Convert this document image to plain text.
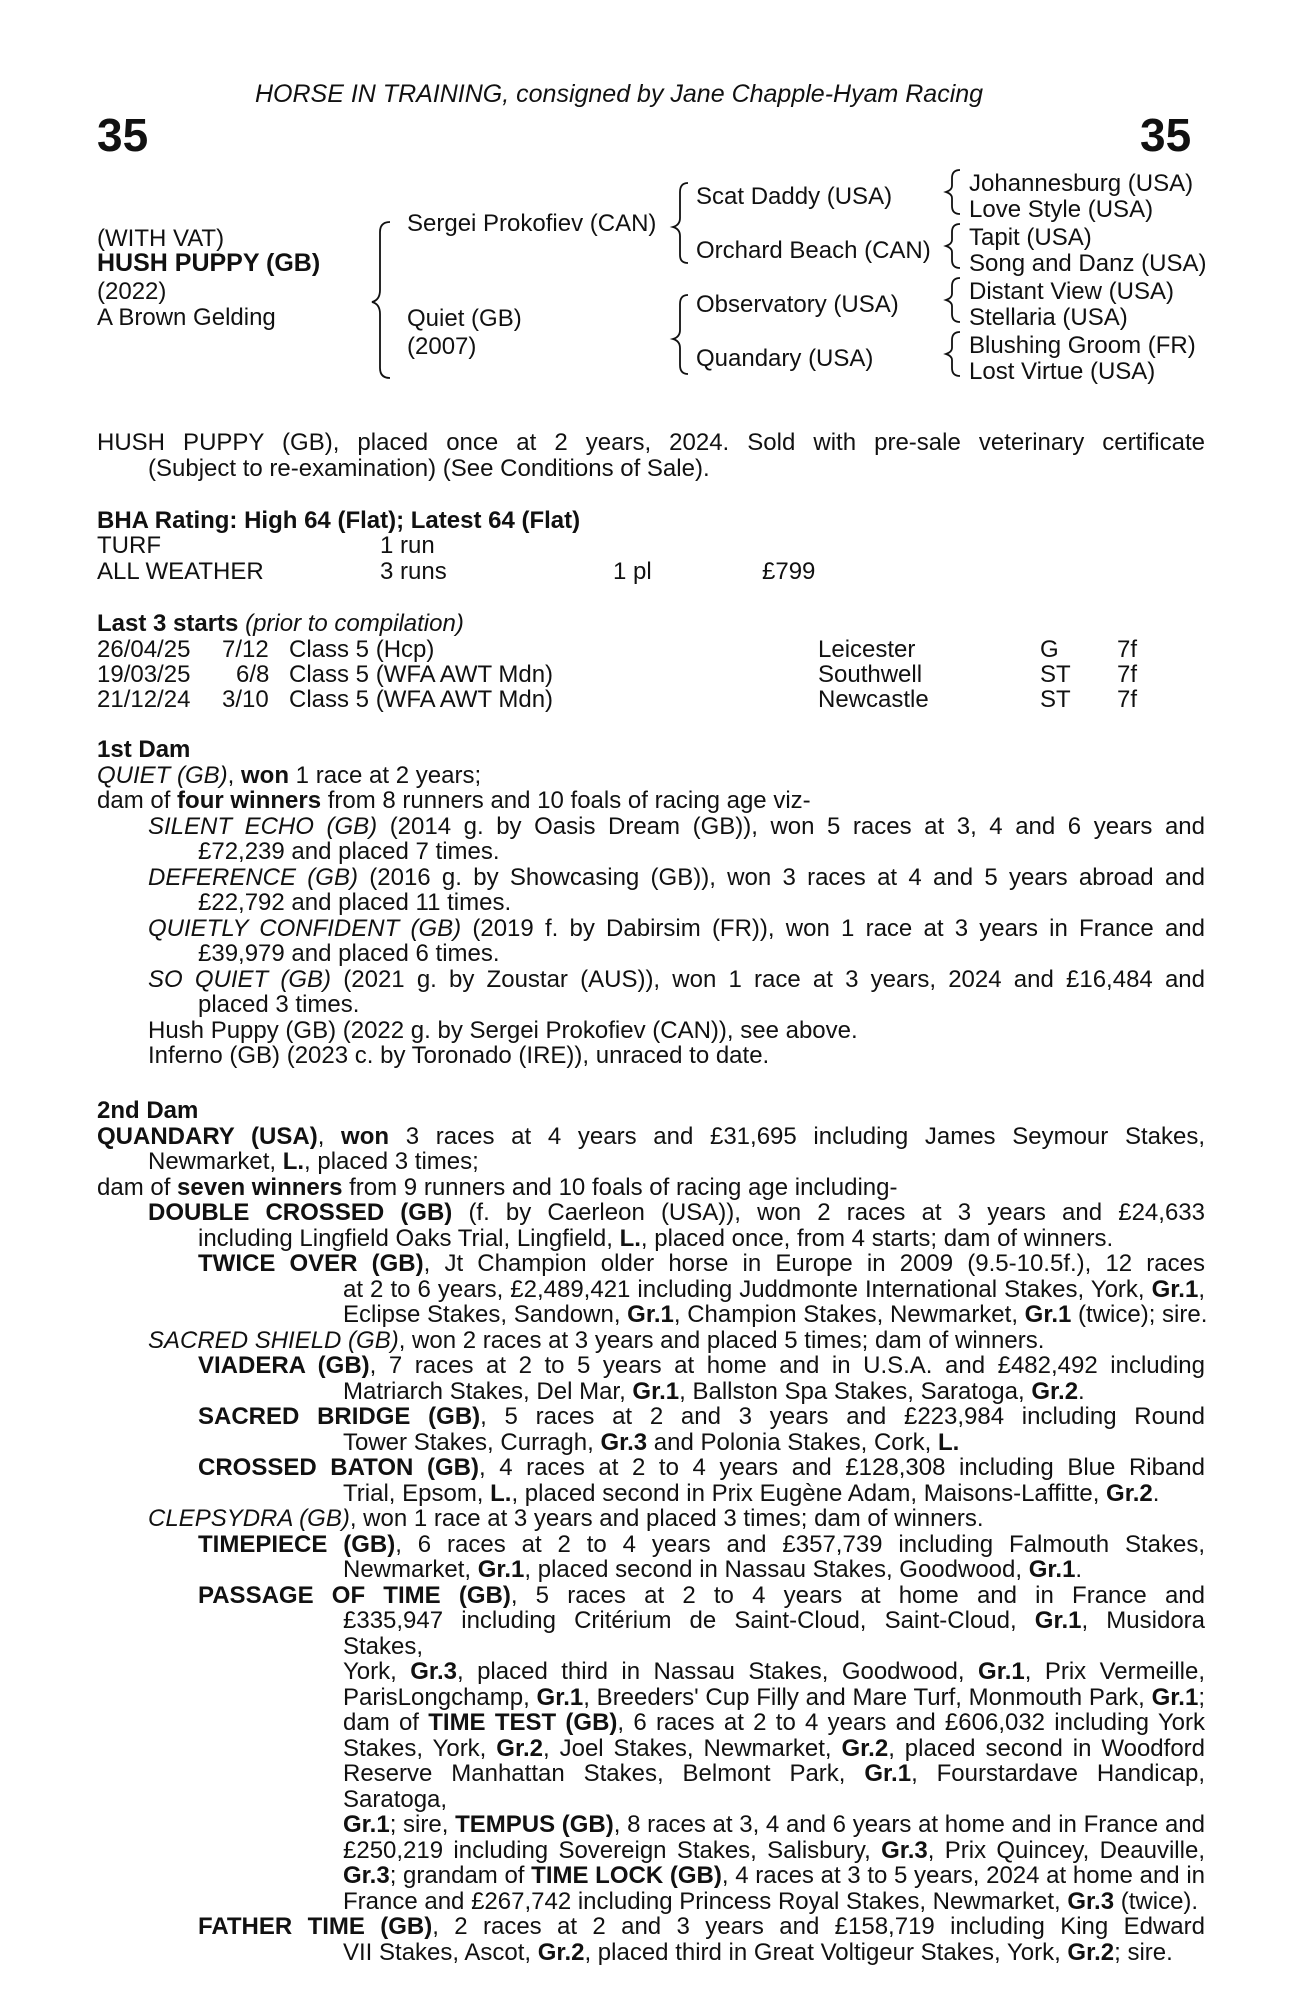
35	35
HORSE IN TRAINING, consigned by Jane Chapple-Hyam Racing
(WITH VAT)
HUSH PUPPY (GB)
(2022)
A Brown Gelding
Sergei Prokofiev (CAN)
Quiet (GB)
(2007)
Scat Daddy (USA)
Orchard Beach (CAN)
Observatory (USA)
Quandary (USA)
Johannesburg (USA)
Love Style (USA)
Tapit (USA)
Song and Danz (USA)
Distant View (USA)
Stellaria (USA)
Blushing Groom (FR)
Lost Virtue (USA)
HUSH PUPPY (GB), placed once at 2 years, 2024. Sold with pre-sale veterinary certificate
(Subject to re-examination) (See Conditions of Sale).
BHA Rating: High 64 (Flat); Latest 64 (Flat)
TURF	1 run
ALL WEATHER	3 runs	1 pl	£799
Last 3 starts (prior to compilation)
26/04/25 7/12 Class 5 (Hcp)	Leicester	G 7f
19/03/25 6/8 Class 5 (WFA AWT Mdn)	Southwell	ST 7f
21/12/24 3/10 Class 5 (WFA AWT Mdn)	Newcastle	ST 7f
1st Dam
QUIET (GB), won 1 race at 2 years;
dam of four winners from 8 runners and 10 foals of racing age viz-
SILENT ECHO (GB) (2014 g. by Oasis Dream (GB)), won 5 races at 3, 4 and 6 years and
£72,239 and placed 7 times.
DEFERENCE (GB) (2016 g. by Showcasing (GB)), won 3 races at 4 and 5 years abroad and
£22,792 and placed 11 times.
QUIETLY CONFIDENT (GB) (2019 f. by Dabirsim (FR)), won 1 race at 3 years in France and
£39,979 and placed 6 times.
SO QUIET (GB) (2021 g. by Zoustar (AUS)), won 1 race at 3 years, 2024 and £16,484 and
placed 3 times.
Hush Puppy (GB) (2022 g. by Sergei Prokofiev (CAN)), see above.
Inferno (GB) (2023 c. by Toronado (IRE)), unraced to date.
2nd Dam
QUANDARY (USA), won 3 races at 4 years and £31,695 including James Seymour Stakes,
Newmarket, L., placed 3 times;
dam of seven winners from 9 runners and 10 foals of racing age including-
DOUBLE CROSSED (GB) (f. by Caerleon (USA)), won 2 races at 3 years and £24,633
including Lingfield Oaks Trial, Lingfield, L., placed once, from 4 starts; dam of winners.
TWICE OVER (GB), Jt Champion older horse in Europe in 2009 (9.5-10.5f.), 12 races
at 2 to 6 years, £2,489,421 including Juddmonte International Stakes, York, Gr.1,
Eclipse Stakes, Sandown, Gr.1, Champion Stakes, Newmarket, Gr.1 (twice); sire.
SACRED SHIELD (GB), won 2 races at 3 years and placed 5 times; dam of winners.
VIADERA (GB), 7 races at 2 to 5 years at home and in U.S.A. and £482,492 including
Matriarch Stakes, Del Mar, Gr.1, Ballston Spa Stakes, Saratoga, Gr.2.
SACRED BRIDGE (GB), 5 races at 2 and 3 years and £223,984 including Round
Tower Stakes, Curragh, Gr.3 and Polonia Stakes, Cork, L.
CROSSED BATON (GB), 4 races at 2 to 4 years and £128,308 including Blue Riband
Trial, Epsom, L., placed second in Prix Eugène Adam, Maisons-Laffitte, Gr.2.
CLEPSYDRA (GB), won 1 race at 3 years and placed 3 times; dam of winners.
TIMEPIECE (GB), 6 races at 2 to 4 years and £357,739 including Falmouth Stakes,
Newmarket, Gr.1, placed second in Nassau Stakes, Goodwood, Gr.1.
PASSAGE OF TIME (GB), 5 races at 2 to 4 years at home and in France and
£335,947 including Critérium de Saint-Cloud, Saint-Cloud, Gr.1, Musidora Stakes,
York, Gr.3, placed third in Nassau Stakes, Goodwood, Gr.1, Prix Vermeille,
ParisLongchamp, Gr.1, Breeders' Cup Filly and Mare Turf, Monmouth Park, Gr.1;
dam of TIME TEST (GB), 6 races at 2 to 4 years and £606,032 including York
Stakes, York, Gr.2, Joel Stakes, Newmarket, Gr.2, placed second in Woodford
Reserve Manhattan Stakes, Belmont Park, Gr.1, Fourstardave Handicap, Saratoga,
Gr.1; sire, TEMPUS (GB), 8 races at 3, 4 and 6 years at home and in France and
£250,219 including Sovereign Stakes, Salisbury, Gr.3, Prix Quincey, Deauville,
Gr.3; grandam of TIME LOCK (GB), 4 races at 3 to 5 years, 2024 at home and in
France and £267,742 including Princess Royal Stakes, Newmarket, Gr.3 (twice).
FATHER TIME (GB), 2 races at 2 and 3 years and £158,719 including King Edward
VII Stakes, Ascot, Gr.2, placed third in Great Voltigeur Stakes, York, Gr.2; sire.
